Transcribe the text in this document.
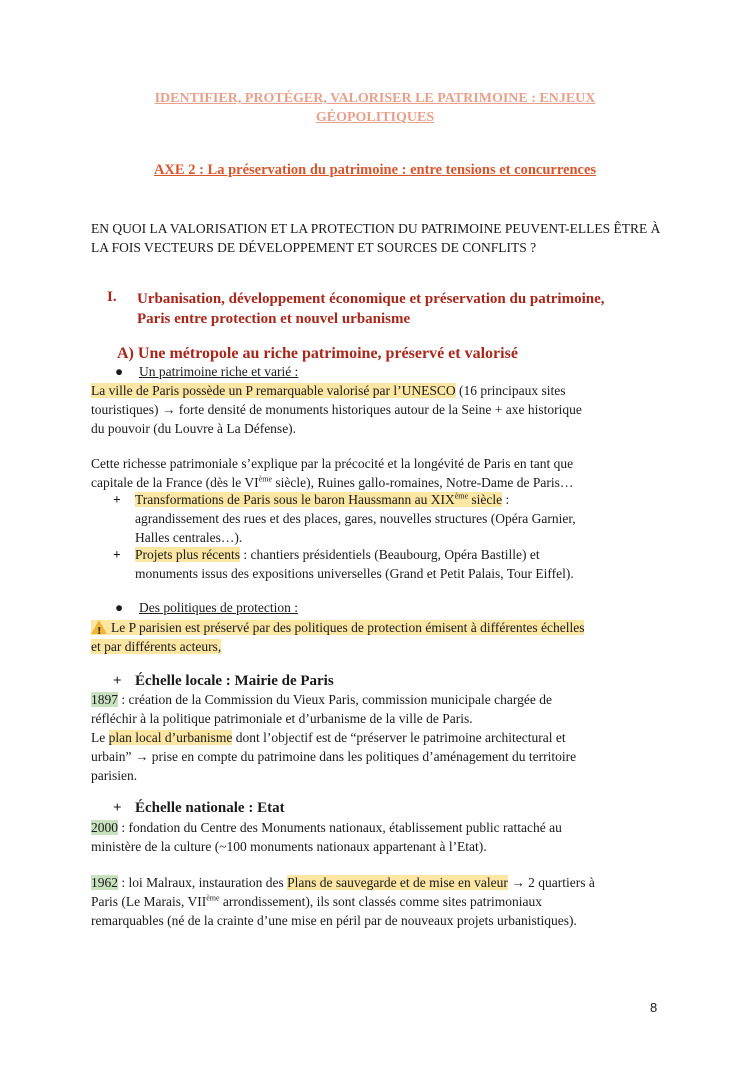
IDENTIFIER, PROTÉGER, VALORISER LE PATRIMOINE : ENJEUX GÉOPOLITIQUES
AXE 2 : La préservation du patrimoine : entre tensions et concurrences
EN QUOI LA VALORISATION ET LA PROTECTION DU PATRIMOINE PEUVENT-ELLES ÊTRE À LA FOIS VECTEURS DE DÉVELOPPEMENT ET SOURCES DE CONFLITS ?
I. Urbanisation, développement économique et préservation du patrimoine, Paris entre protection et nouvel urbanisme
A) Une métropole au riche patrimoine, préservé et valorisé
● Un patrimoine riche et varié :
La ville de Paris possède un P remarquable valorisé par l’UNESCO (16 principaux sites
touristiques) → forte densité de monuments historiques autour de la Seine + axe historique
du pouvoir (du Louvre à La Défense).
Cette richesse patrimoniale s’explique par la précocité et la longévité de Paris en tant que
capitale de la France (dès le VIème siècle), Ruines gallo-romaines, Notre-Dame de Paris…
+ Transformations de Paris sous le baron Haussmann au XIXème siècle :
agrandissement des rues et des places, gares, nouvelles structures (Opéra Garnier,
Halles centrales…).
+ Projets plus récents : chantiers présidentiels (Beaubourg, Opéra Bastille) et
monuments issus des expositions universelles (Grand et Petit Palais, Tour Eiffel).
● Des politiques de protection :
!Le P parisien est préservé par des politiques de protection émisent à différentes échelles
et par différents acteurs,
+ Échelle locale : Mairie de Paris
1897 : création de la Commission du Vieux Paris, commission municipale chargée de
réfléchir à la politique patrimoniale et d’urbanisme de la ville de Paris.
Le plan local d’urbanisme dont l’objectif est de “préserver le patrimoine architectural et
urbain” → prise en compte du patrimoine dans les politiques d’aménagement du territoire
parisien.
+ Échelle nationale : Etat
2000 : fondation du Centre des Monuments nationaux, établissement public rattaché au
ministère de la culture (~100 monuments nationaux appartenant à l’Etat).
1962 : loi Malraux, instauration des Plans de sauvegarde et de mise en valeur → 2 quartiers à
Paris (Le Marais, VIIème arrondissement), ils sont classés comme sites patrimoniaux
remarquables (né de la crainte d’une mise en péril par de nouveaux projets urbanistiques).
8
